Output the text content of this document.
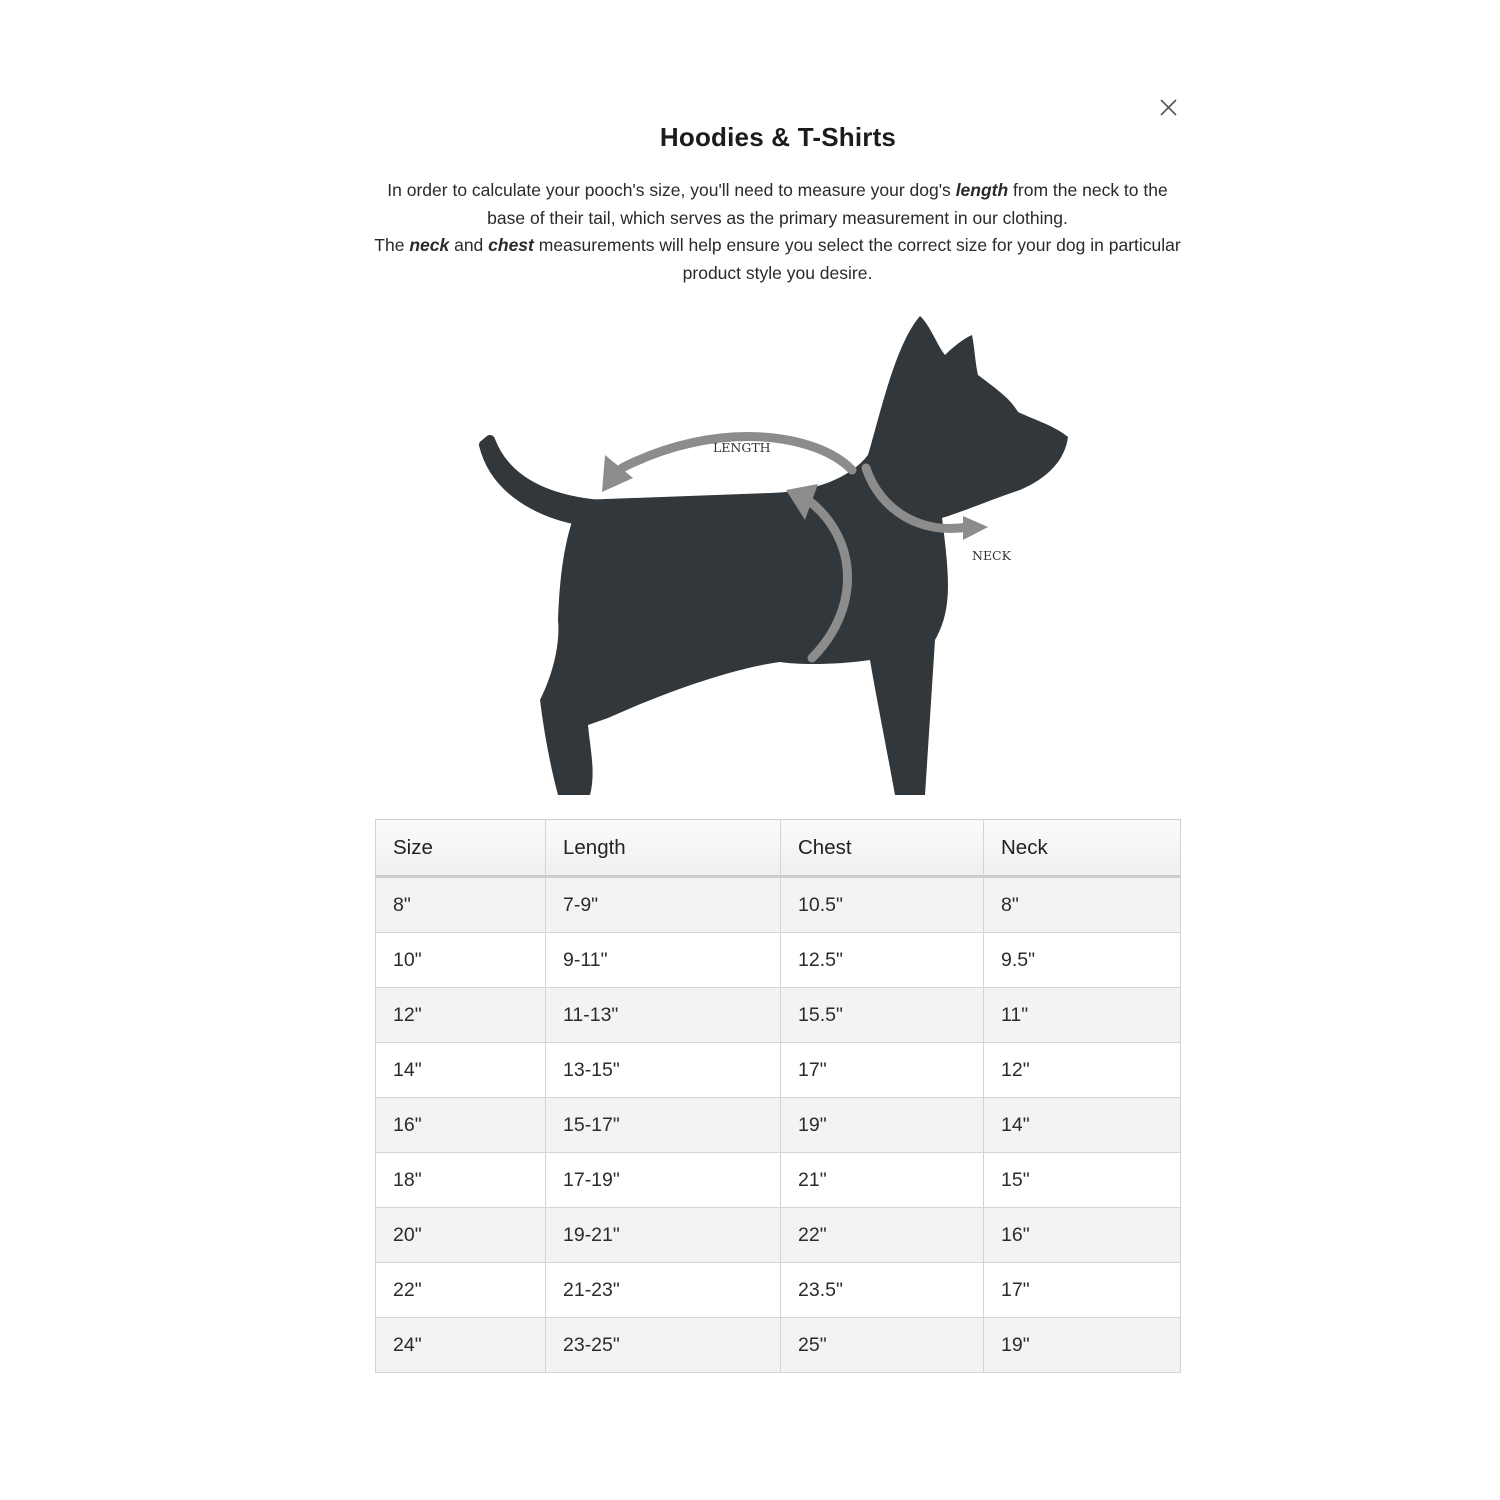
Hoodies & T-Shirts

In order to calculate your pooch's size, you'll need to measure your dog's length from the neck to the base of their tail, which serves as the primary measurement in our clothing.
The neck and chest measurements will help ensure you select the correct size for your dog in particular product style you desire.

LENGTH
CHEST
NECK
Size	Length	Chest	Neck
8"	7-9"	10.5"	8"
10"	9-11"	12.5"	9.5"
12"	11-13"	15.5"	11"
14"	13-15"	17"	12"
16"	15-17"	19"	14"
18"	17-19"	21"	15"
20"	19-21"	22"	16"
22"	21-23"	23.5"	17"
24"	23-25"	25"	19"
